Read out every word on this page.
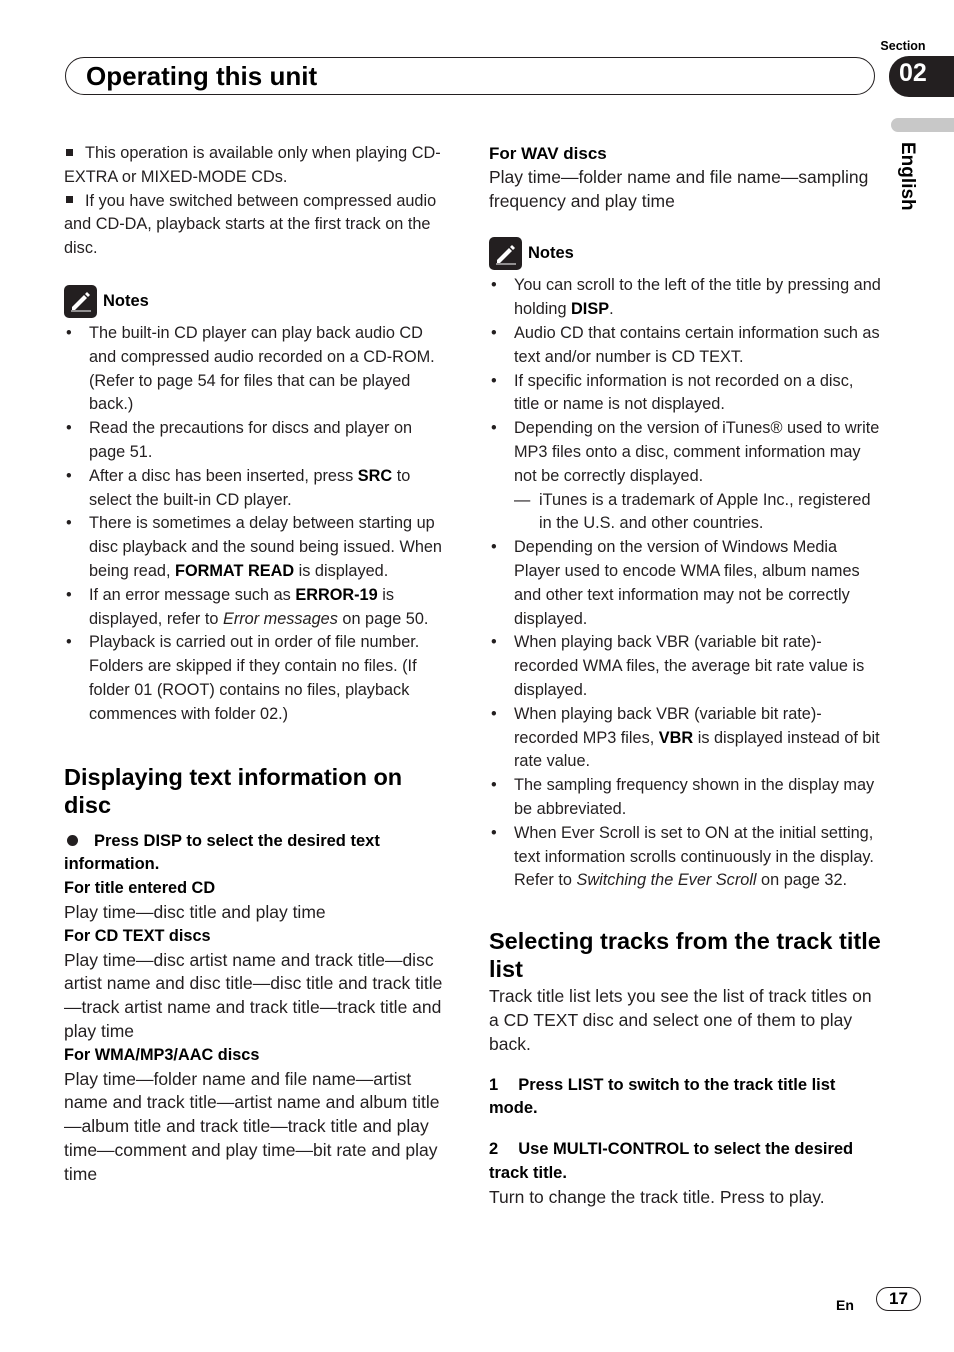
Operating this unit
Section
02
English

This operation is available only when playing CD-EXTRA or MIXED-MODE CDs.

If you have switched between compressed audio and CD-DA, playback starts at the first track on the disc.

Notes
• The built-in CD player can play back audio CD and compressed audio recorded on a CD-ROM. (Refer to page 54 for files that can be played back.)
• Read the precautions for discs and player on page 51.
• After a disc has been inserted, press SRC to select the built-in CD player.
• There is sometimes a delay between starting up disc playback and the sound being issued. When being read, FORMAT READ is displayed.
• If an error message such as ERROR-19 is displayed, refer to Error messages on page 50.
• Playback is carried out in order of file number. Folders are skipped if they contain no files. (If folder 01 (ROOT) contains no files, playback commences with folder 02.)
Displaying text information on disc

Press DISP to select the desired text information.

For title entered CD

Play time—disc title and play time

For CD TEXT discs

Play time—disc artist name and track title—disc artist name and disc title—disc title and track title—track artist name and track title—track title and play time

For WMA/MP3/AAC discs

Play time—folder name and file name—artist name and track title—artist name and album title—album title and track title—track title and play time—comment and play time—bit rate and play time

For WAV discs

Play time—folder name and file name—sampling frequency and play time

Notes
• You can scroll to the left of the title by pressing and holding DISP.
• Audio CD that contains certain information such as text and/or number is CD TEXT.
• If specific information is not recorded on a disc, title or name is not displayed.
• Depending on the version of iTunes® used to write MP3 files onto a disc, comment information may not be correctly displayed.
— iTunes is a trademark of Apple Inc., registered in the U.S. and other countries.
• Depending on the version of Windows Media Player used to encode WMA files, album names and other text information may not be correctly displayed.
• When playing back VBR (variable bit rate)-recorded WMA files, the average bit rate value is displayed.
• When playing back VBR (variable bit rate)-recorded MP3 files, VBR is displayed instead of bit rate value.
• The sampling frequency shown in the display may be abbreviated.
• When Ever Scroll is set to ON at the initial setting, text information scrolls continuously in the display. Refer to Switching the Ever Scroll on page 32.
Selecting tracks from the track title list

Track title list lets you see the list of track titles on a CD TEXT disc and select one of them to play back.

1 Press LIST to switch to the track title list mode.

2 Use MULTI-CONTROL to select the desired track title.

Turn to change the track title. Press to play.

En	17
